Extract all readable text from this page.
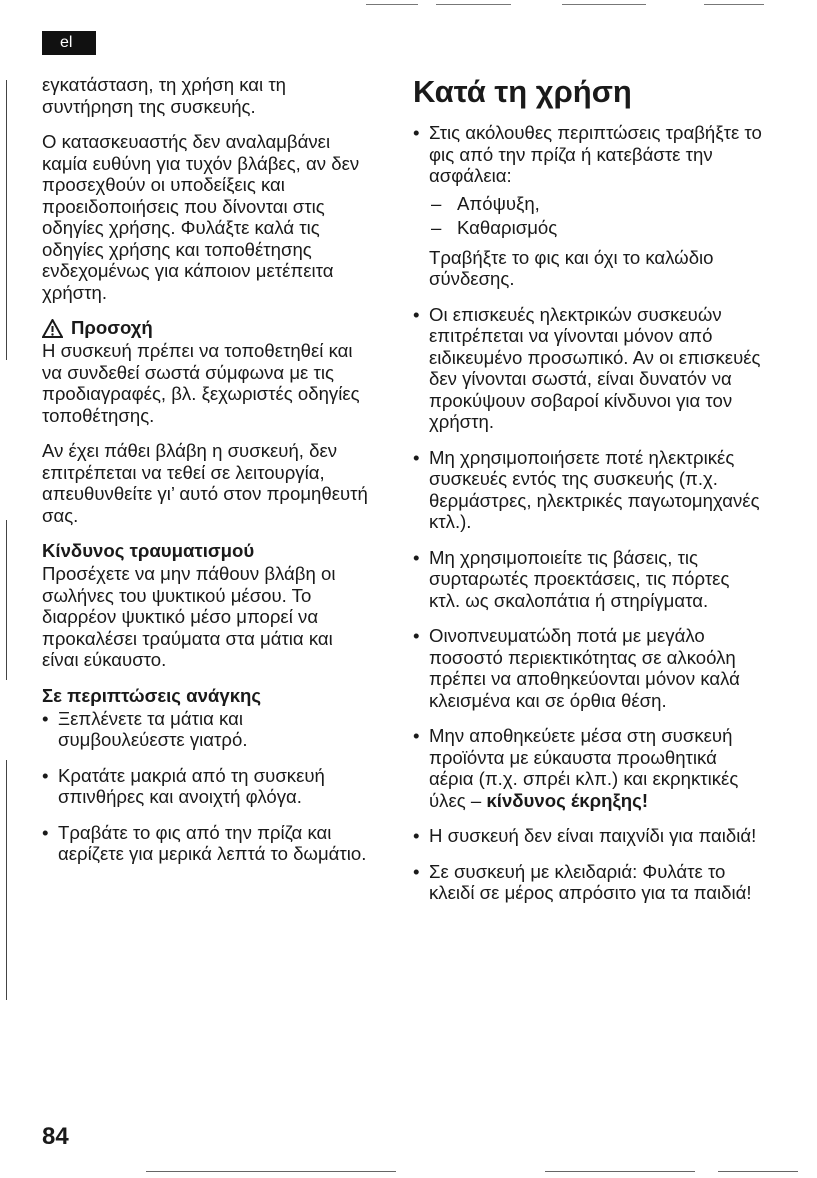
el

εγκατάσταση, τη χρήση και τη συντήρηση της συσκευής.

Ο κατασκευαστής δεν αναλαμβάνει καμία ευθύνη για τυχόν βλάβες, αν δεν προσεχθούν οι υποδείξεις και προειδοποιήσεις που δίνονται στις οδηγίες χρήσης. Φυλάξτε καλά τις οδηγίες χρήσης και τοποθέτησης ενδεχομένως για κάποιον μετέπειτα χρήστη.

Προσοχή

Η συσκευή πρέπει να τοποθετηθεί και να συνδεθεί σωστά σύμφωνα με τις προδιαγραφές, βλ. ξεχωριστές οδηγίες τοποθέτησης.

Αν έχει πάθει βλάβη η συσκευή, δεν επιτρέπεται να τεθεί σε λειτουργία, απευθυνθείτε γι’ αυτό στον προμηθευτή σας.

Κίνδυνος τραυματισμού

Προσέχετε να μην πάθουν βλάβη οι σωλήνες του ψυκτικού μέσου. Το διαρρέον ψυκτικό μέσο μπορεί να προκαλέσει τραύματα στα μάτια και είναι εύκαυστο.

Σε περιπτώσεις ανάγκης
• Ξεπλένετε τα μάτια και συμβουλεύεστε γιατρό.
• Κρατάτε μακριά από τη συσκευή σπινθήρες και ανοιχτή φλόγα.
• Τραβάτε το φις από την πρίζα και αερίζετε για μερικά λεπτά το δωμάτιο.
Κατά τη χρήση
• Στις ακόλουθες περιπτώσεις τραβήξτε το φις από την πρίζα ή κατεβάστε την ασφάλεια:
– Απόψυξη,
– Καθαρισμός
Τραβήξτε το φις και όχι το καλώδιο σύνδεσης.
• Οι επισκευές ηλεκτρικών συσκευών επιτρέπεται να γίνονται μόνον από ειδικευμένο προσωπικό. Αν οι επισκευές δεν γίνονται σωστά, είναι δυνατόν να προκύψουν σοβαροί κίνδυνοι για τον χρήστη.
• Μη χρησιμοποιήσετε ποτέ ηλεκτρικές συσκευές εντός της συσκευής (π.χ. θερμάστρες, ηλεκτρικές παγωτομηχανές κτλ.).
• Μη χρησιμοποιείτε τις βάσεις, τις συρταρωτές προεκτάσεις, τις πόρτες κτλ. ως σκαλοπάτια ή στηρίγματα.
• Οινοπνευματώδη ποτά με μεγάλο ποσοστό περιεκτικότητας σε αλκοόλη πρέπει να αποθηκεύονται μόνον καλά κλεισμένα και σε όρθια θέση.
• Μην αποθηκεύετε μέσα στη συσκευή προϊόντα με εύκαυστα προωθητικά αέρια (π.χ. σπρέι κλπ.) και εκρηκτικές ύλες – κίνδυνος έκρηξης!
• Η συσκευή δεν είναι παιχνίδι για παιδιά!
• Σε συσκευή με κλειδαριά: Φυλάτε το κλειδί σε μέρος απρόσιτο για τα παιδιά!
84
